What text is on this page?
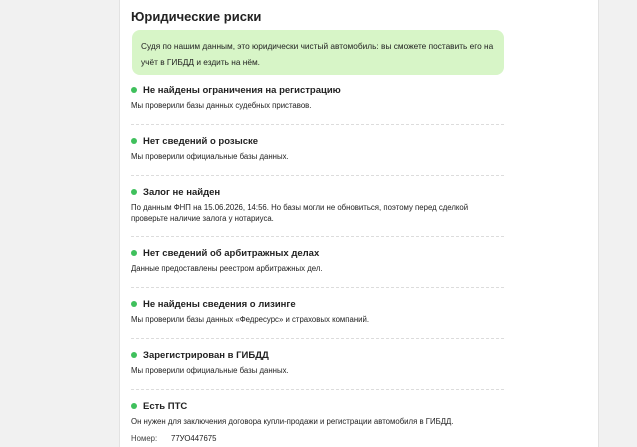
Юридические риски
Судя по нашим данным, это юридически чистый автомобиль: вы сможете поставить его на учёт в ГИБДД и ездить на нём.
Не найдены ограничения на регистрацию
Мы проверили базы данных судебных приставов.
Нет сведений о розыске
Мы проверили официальные базы данных.
Залог не найден
По данным ФНП на 15.06.2026, 14:56. Но базы могли не обновиться, поэтому перед сделкой проверьте наличие залога у нотариуса.
Нет сведений об арбитражных делах
Данные предоставлены реестром арбитражных дел.
Не найдены сведения о лизинге
Мы проверили базы данных «Федресурс» и страховых компаний.
Зарегистрирован в ГИБДД
Мы проверили официальные базы данных.
Есть ПТС
Он нужен для заключения договора купли-продажи и регистрации автомобиля в ГИБДД.
Номер:	77УО447675
